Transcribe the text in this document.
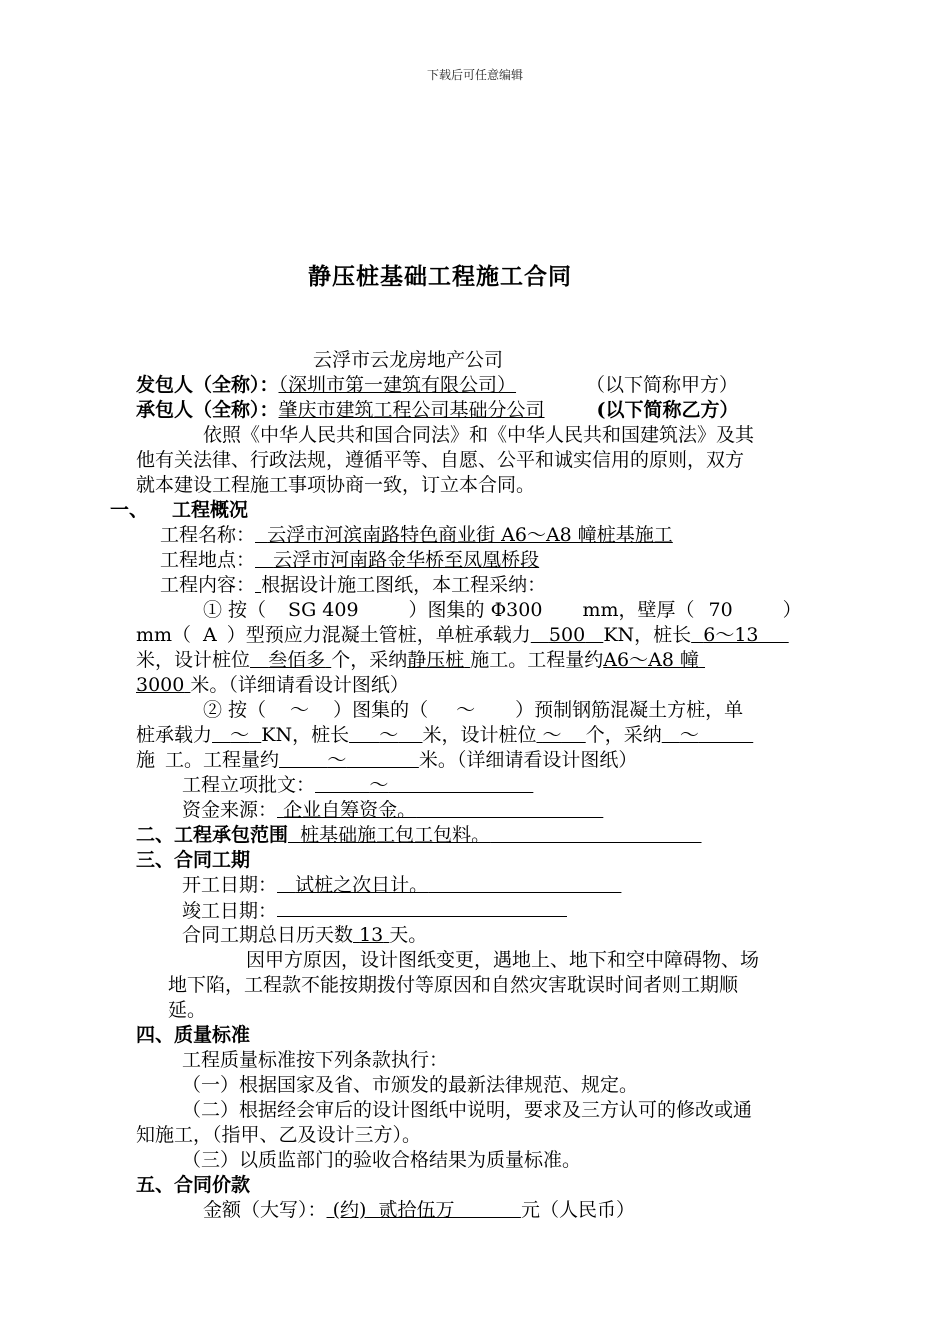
下载后可任意编辑
静压桩基础工程施工合同
云浮市云龙房地产公司
发包人（全称）：（深圳市第一建筑有限公司）	（以下简称甲方）
承包人（全称）：肇庆市建筑工程公司基础分公司	(以下简称乙方）
依照《中华人民共和国合同法》和《中华人民共和国建筑法》及其
他有关法律、行政法规，遵循平等、自愿、公平和诚实信用的原则，双方
就本建设工程施工事项协商一致，订立本合同。
一、 工程概况
工程名称： 云浮市河滨南路特色商业街 A6～A8 幢桩基施工
工程地点： 云浮市河南路金华桥至凤凰桥段
工程内容： 根据设计施工图纸，本工程采纳：
① 按（ SG 409	）图集的 Φ300 mm，壁厚（ 70	）
mm（ A ）型预应力混凝土管桩，单桩承载力 500 KN，桩长 6～13
米，设计桩位 叁佰多 个，采纳静压桩 施工。工程量约A6～A8 幢
3000 米。（详细请看设计图纸）
② 按（ ～ ）图集的（ ～ ）预制钢筋混凝土方桩，单
桩承载力 ～ KN，桩长 ～ 米，设计桩位 ～ 个，采纳 ～
施 工。工程量约	～	米。（详细请看设计图纸）
工程立项批文：	～
资金来源： 企业自筹资金。
二、工程承包范围 桩基础施工包工包料。
三、合同工期
开工日期： 试桩之次日计。
竣工日期：
合同工期总日历天数 13 天。
因甲方原因，设计图纸变更，遇地上、地下和空中障碍物、场
地下陷，工程款不能按期拨付等原因和自然灾害耽误时间者则工期顺
延。
四、质量标准
工程质量标准按下列条款执行：
（一）根据国家及省、市颁发的最新法律规范、规定。
（二）根据经会审后的设计图纸中说明，要求及三方认可的修改或通
知施工，（指甲、乙及设计三方）。
（三）以质监部门的验收合格结果为质量标准。
五、合同价款
金额（大写）： (约) 贰拾伍万	元（人民币）
